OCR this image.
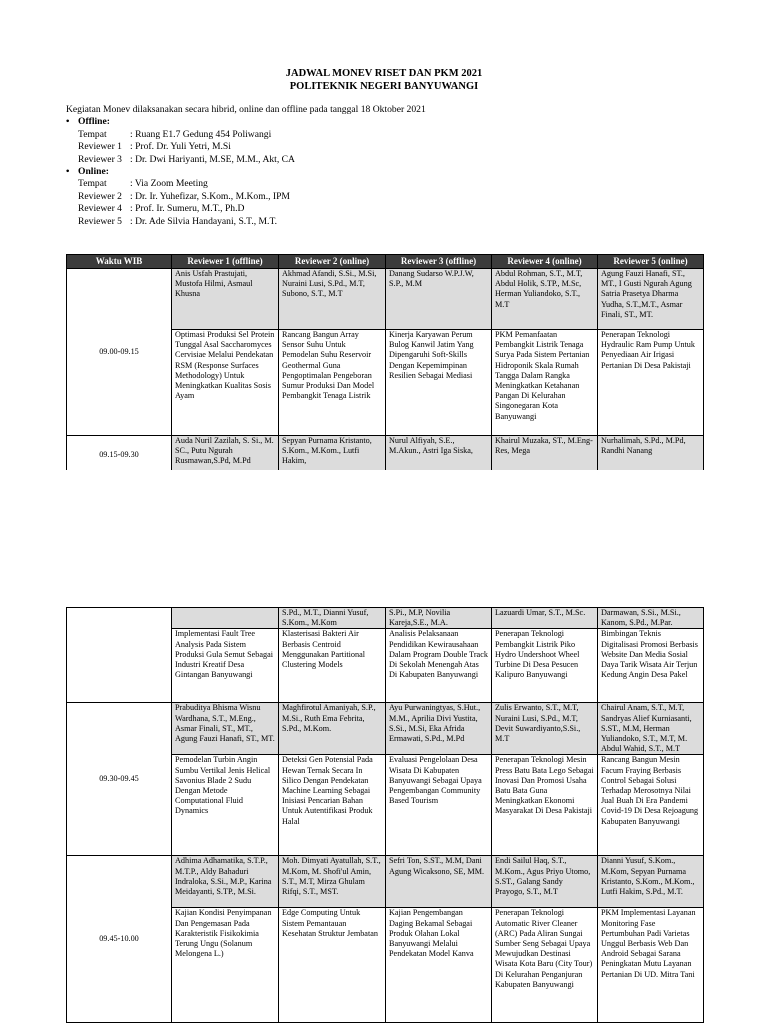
JADWAL MONEV RISET DAN PKM 2021
POLITEKNIK NEGERI BANYUWANGI
Kegiatan Monev dilaksanakan secara hibrid, online dan offline pada tanggal 18 Oktober 2021
• Offline:
Tempat : Ruang E1.7 Gedung 454 Poliwangi
Reviewer 1 : Prof. Dr. Yuli Yetri, M.Si
Reviewer 3 : Dr. Dwi Hariyanti, M.SE, M.M., Akt, CA
• Online:
Tempat : Via Zoom Meeting
Reviewer 2 : Dr. Ir. Yuhefizar, S.Kom., M.Kom., IPM
Reviewer 4 : Prof. Ir. Sumeru, M.T., Ph.D
Reviewer 5 : Dr. Ade Silvia Handayani, S.T., M.T.
Waktu WIB	Reviewer 1 (offline)	Reviewer 2 (online)	Reviewer 3 (offline)	Reviewer 4 (online)	Reviewer 5 (online)
09.00-09.15	Anis Usfah Prastujati, Mustofa Hilmi, Asmaul Khusna	Akhmad Afandi, S.Si., M.Si, Nuraini Lusi, S.Pd., M.T, Subono, S.T., M.T	Danang Sudarso W.P.J.W, S.P., M.M	Abdul Rohman, S.T., M.T, Abdul Holik, S.TP., M.Sc, Herman Yuliandoko, S.T., M.T	Agung Fauzi Hanafi, ST., MT., I Gusti Ngurah Agung Satria Prasetya Dharma Yudha, S.T.,M.T., Asmar Finali, ST., MT.
	Optimasi Produksi Sel Protein Tunggal Asal Saccharomyces Cervisiae Melalui Pendekatan RSM (Response Surfaces Methodology) Untuk Meningkatkan Kualitas Sosis Ayam	Rancang Bangun Array Sensor Suhu Untuk Pemodelan Suhu Reservoir Geothermal Guna Pengoptimalan Pengeboran Sumur Produksi Dan Model Pembangkit Tenaga Listrik	Kinerja Karyawan Perum Bulog Kanwil Jatim Yang Dipengaruhi Soft-Skills Dengan Kepemimpinan Resilien Sebagai Mediasi	PKM Pemanfaatan Pembangkit Listrik Tenaga Surya Pada Sistem Pertanian Hidroponik Skala Rumah Tangga Dalam Rangka Meningkatkan Ketahanan Pangan Di Kelurahan Singonegaran Kota Banyuwangi	Penerapan Teknologi Hydraulic Ram Pump Untuk Penyediaan Air Irigasi Pertanian Di Desa Pakistaji
09.15-09.30	Auda Nuril Zazilah, S. Si., M. SC., Putu Ngurah Rusmawan,S.Pd, M.Pd	Sepyan Purnama Kristanto, S.Kom., M.Kom., Lutfi Hakim,	Nurul Alfiyah, S.E., M.Akun., Astri Iga Siska,	Khairul Muzaka, ST., M.Eng-Res, Mega	Nurhalimah, S.Pd., M.Pd, Randhi Nanang
		S.Pd., M.T., Dianni Yusuf, S.Kom., M.Kom	S.Pi., M.P, Novilia Kareja,S.E., M.A.	Lazuardi Umar, S.T., M.Sc.	Darmawan, S.Si., M.Si., Kanom, S.Pd., M.Par.
	Implementasi Fault Tree Analysis Pada Sistem Produksi Gula Semut Sebagai Industri Kreatif Desa Gintangan Banyuwangi	Klasterisasi Bakteri Air Berbasis Centroid Menggunakan Partitional Clustering Models	Analisis Pelaksanaan Pendidikan Kewirausahaan Dalam Program Double Track Di Sekolah Menengah Atas Di Kabupaten Banyuwangi	Penerapan Teknologi Pembangkit Listrik Piko Hydro Undershoot Wheel Turbine Di Desa Pesucen Kalipuro Banyuwangi	Bimbingan Teknis Digitalisasi Promosi Berbasis Website Dan Media Sosial Daya Tarik Wisata Air Terjun Kedung Angin Desa Pakel
09.30-09.45	Prabuditya Bhisma Wisnu Wardhana, S.T., M.Eng., Asmar Finali, ST., MT., Agung Fauzi Hanafi, ST., MT.	Maghfirotul Amaniyah, S.P., M.Si., Ruth Ema Febrita, S.Pd., M.Kom.	Ayu Purwaningtyas, S.Hut., M.M., Aprilia Divi Yustita, S.Si., M.Si, Eka Afrida Ermawati, S.Pd., M.Pd	Zulis Erwanto, S.T., M.T, Nuraini Lusi, S.Pd., M.T, Devit Suwardiyanto,S.Si., M.T	Chairul Anam, S.T., M.T, Sandryas Alief Kurniasanti, S.ST., M.M, Herman Yuliandoko, S.T., M.T, M. Abdul Wahid, S.T., M.T
	Pemodelan Turbin Angin Sumbu Vertikal Jenis Helical Savonius Blade 2 Sudu Dengan Metode Computational Fluid Dynamics	Deteksi Gen Potensial Pada Hewan Ternak Secara In Silico Dengan Pendekatan Machine Learning Sebagai Inisiasi Pencarian Bahan Untuk Autentifikasi Produk Halal	Evaluasi Pengelolaan Desa Wisata Di Kabupaten Banyuwangi Sebagai Upaya Pengembangan Community Based Tourism	Penerapan Teknologi Mesin Press Batu Bata Lego Sebagai Inovasi Dan Promosi Usaha Batu Bata Guna Meningkatkan Ekonomi Masyarakat Di Desa Pakistaji	Rancang Bangun Mesin Facum Fraying Berbasis Control Sebagai Solusi Terhadap Merosotnya Nilai Jual Buah Di Era Pandemi Covid-19 Di Desa Rejoagung Kabupaten Banyuwangi
09.45-10.00	Adhima Adhamatika, S.T.P., M.T.P., Aldy Bahaduri Indraloka, S.Si., M.P., Karina Meidayanti, S.TP., M.Si.	Moh. Dimyati Ayatullah, S.T., M.Kom, M. Shofi'ul Amin, S.T., M.T, Mirza Ghulam Rifqi, S.T., MST.	Sefri Ton, S.ST., M.M, Dani Agung Wicaksono, SE, MM.	Endi Sailul Haq, S.T., M.Kom., Agus Priyo Utomo, S.ST., Galang Sandy Prayogo, S.T., M.T	Dianni Yusuf, S.Kom., M.Kom, Sepyan Purnama Kristanto, S.Kom., M.Kom., Lutfi Hakim, S.Pd., M.T.
	Kajian Kondisi Penyimpanan Dan Pengemasan Pada Karakteristik Fisikokimia Terung Ungu (Solanum Melongena L.)	Edge Computing Untuk Sistem Pemantauan Kesehatan Struktur Jembatan	Kajian Pengembangan Daging Bekamal Sebagai Produk Olahan Lokal Banyuwangi Melalui Pendekatan Model Kanva	Penerapan Teknologi Automatic River Cleaner (ARC) Pada Aliran Sungai Sumber Seng Sebagai Upaya Mewujudkan Destinasi Wisata Kota Baru (City Tour) Di Kelurahan Penganjuran Kabupaten Banyuwangi	PKM Implementasi Layanan Monitoring Fase Pertumbuhan Padi Varietas Unggul Berbasis Web Dan Android Sebagai Sarana Peningkatan Mutu Layanan Pertanian Di UD. Mitra Tani
